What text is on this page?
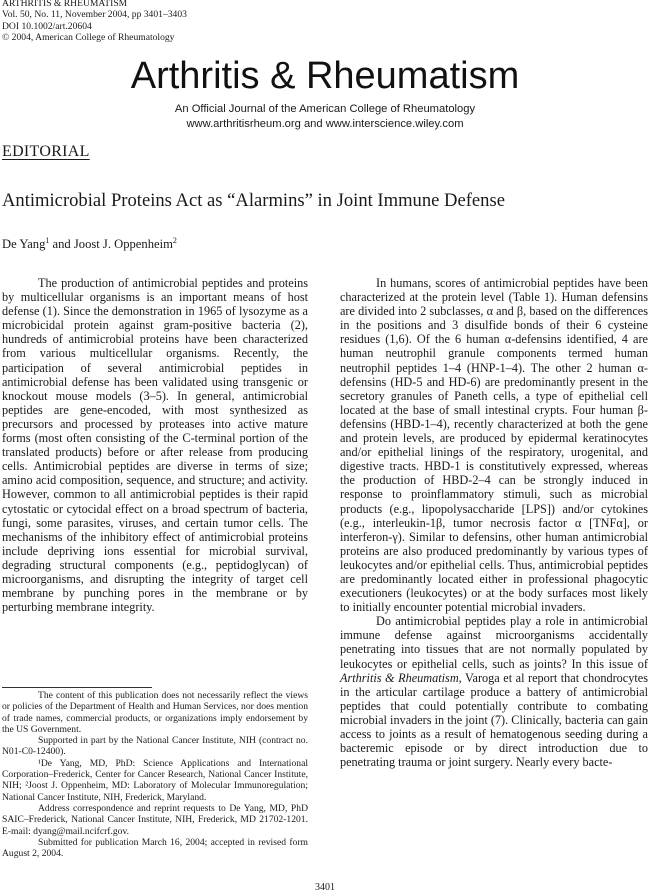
ARTHRITIS & RHEUMATISM
Vol. 50, No. 11, November 2004, pp 3401–3403
DOI 10.1002/art.20604
© 2004, American College of Rheumatology
Arthritis & Rheumatism
An Official Journal of the American College of Rheumatology
www.arthritisrheum.org and www.interscience.wiley.com
EDITORIAL
Antimicrobial Proteins Act as “Alarmins” in Joint Immune Defense
De Yang$^1$ and Joost J. Oppenheim$^2$

The production of antimicrobial peptides and proteins by multicellular organisms is an important means of host defense (1). Since the demonstration in 1965 of lysozyme as a microbicidal protein against gram-positive bacteria (2), hundreds of antimicrobial proteins have been characterized from various multicellular organisms. Recently, the participation of several antimicrobial peptides in antimicrobial defense has been validated using transgenic or knockout mouse models (3–5). In general, antimicrobial peptides are gene-encoded, with most synthesized as precursors and processed by proteases into active mature forms (most often consisting of the C-terminal portion of the translated products) before or after release from producing cells. Antimicrobial peptides are diverse in terms of size; amino acid composition, sequence, and structure; and activity. However, common to all antimicrobial peptides is their rapid cytostatic or cytocidal effect on a broad spectrum of bacteria, fungi, some parasites, viruses, and certain tumor cells. The mechanisms of the inhibitory effect of antimicrobial proteins include depriving ions essential for microbial survival, degrading structural components (e.g., peptidoglycan) of microorganisms, and disrupting the integrity of target cell membrane by punching pores in the membrane or by perturbing membrane integrity.

The content of this publication does not necessarily reflect the views or policies of the Department of Health and Human Services, nor does mention of trade names, commercial products, or organizations imply endorsement by the US Government.

Supported in part by the National Cancer Institute, NIH (contract no. N01-C0-12400).

¹De Yang, MD, PhD: Science Applications and International Corporation–Frederick, Center for Cancer Research, National Cancer Institute, NIH; ²Joost J. Oppenheim, MD: Laboratory of Molecular Immunoregulation; National Cancer Institute, NIH, Frederick, Maryland.

Address correspondence and reprint requests to De Yang, MD, PhD SAIC–Frederick, National Cancer Institute, NIH, Frederick, MD 21702-1201. E-mail: dyang@mail.ncifcrf.gov.

Submitted for publication March 16, 2004; accepted in revised form August 2, 2004.

In humans, scores of antimicrobial peptides have been characterized at the protein level (Table 1). Human defensins are divided into 2 subclasses, α and β, based on the differences in the positions and 3 disulfide bonds of their 6 cysteine residues (1,6). Of the 6 human α-defensins identified, 4 are human neutrophil granule components termed human neutrophil peptides 1–4 (HNP-1–4). The other 2 human α-defensins (HD-5 and HD-6) are predominantly present in the secretory granules of Paneth cells, a type of epithelial cell located at the base of small intestinal crypts. Four human β-defensins (HBD-1–4), recently characterized at both the gene and protein levels, are produced by epidermal keratinocytes and/or epithelial linings of the respiratory, urogenital, and digestive tracts. HBD-1 is constitutively expressed, whereas the production of HBD-2–4 can be strongly induced in response to proinflammatory stimuli, such as microbial products (e.g., lipopolysaccharide [LPS]) and/or cytokines (e.g., interleukin-1β, tumor necrosis factor α [TNFα], or interferon-γ). Similar to defensins, other human antimicrobial proteins are also produced predominantly by various types of leukocytes and/or epithelial cells. Thus, antimicrobial peptides are predominantly located either in professional phagocytic executioners (leukocytes) or at the body surfaces most likely to initially encounter potential microbial invaders.

Do antimicrobial peptides play a role in antimicrobial immune defense against microorganisms accidentally penetrating into tissues that are not normally populated by leukocytes or epithelial cells, such as joints? In this issue of Arthritis & Rheumatism, Varoga et al report that chondrocytes in the articular cartilage produce a battery of antimicrobial peptides that could potentially contribute to combating microbial invaders in the joint (7). Clinically, bacteria can gain access to joints as a result of hematogenous seeding during a bacteremic episode or by direct introduction due to penetrating trauma or joint surgery. Nearly every bacte-

3401
